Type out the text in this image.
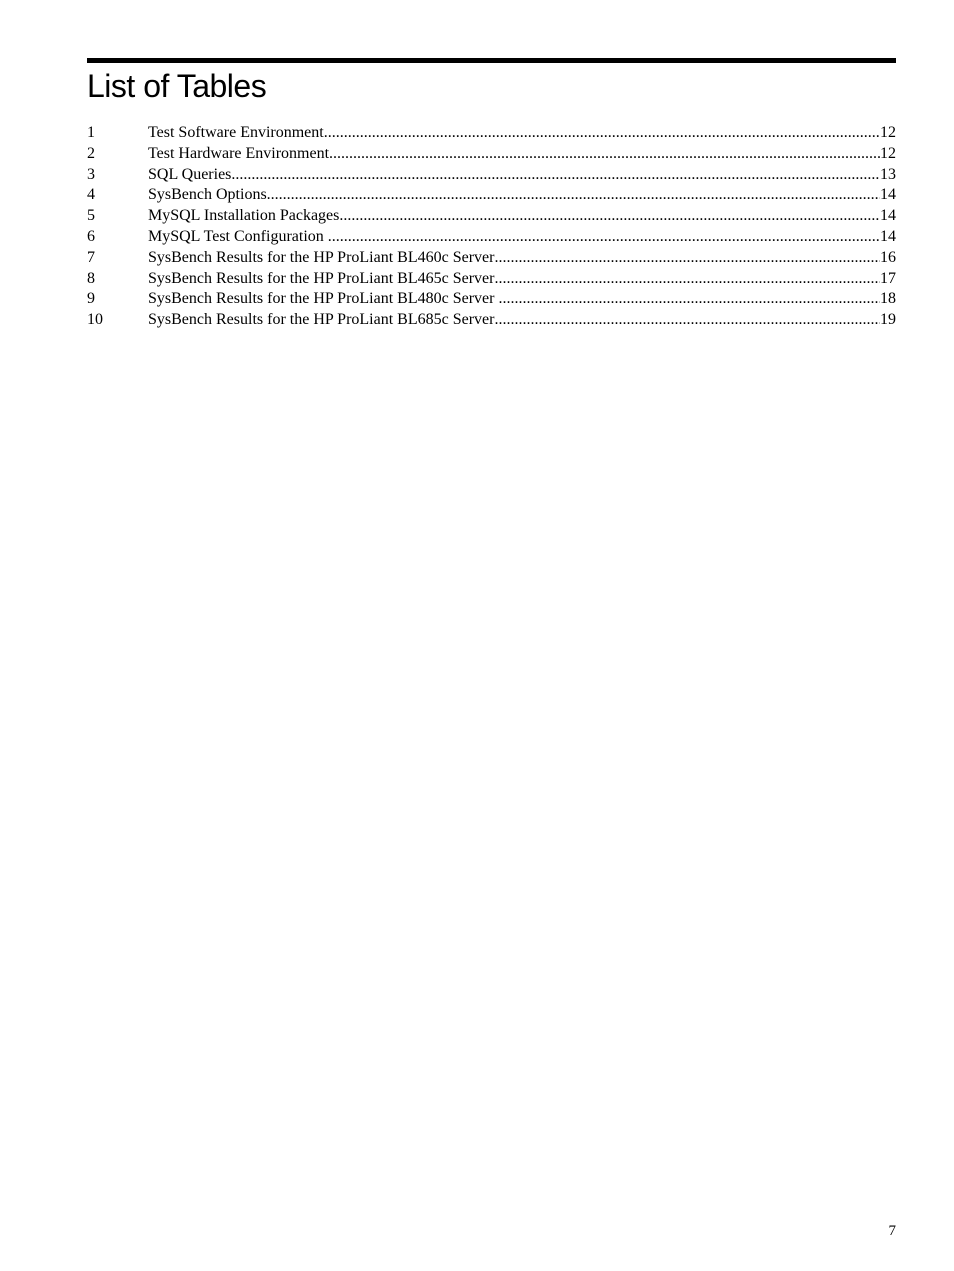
List of Tables
1	Test Software Environment .....	12
2	Test Hardware Environment .....	12
3	SQL Queries .....	13
4	SysBench Options .....	14
5	MySQL Installation Packages .....	14
6	MySQL Test Configuration .....	14
7	SysBench Results for the HP ProLiant BL460c Server .....	16
8	SysBench Results for the HP ProLiant BL465c Server .....	17
9	SysBench Results for the HP ProLiant BL480c Server .....	18
10	SysBench Results for the HP ProLiant BL685c Server .....	19
7
